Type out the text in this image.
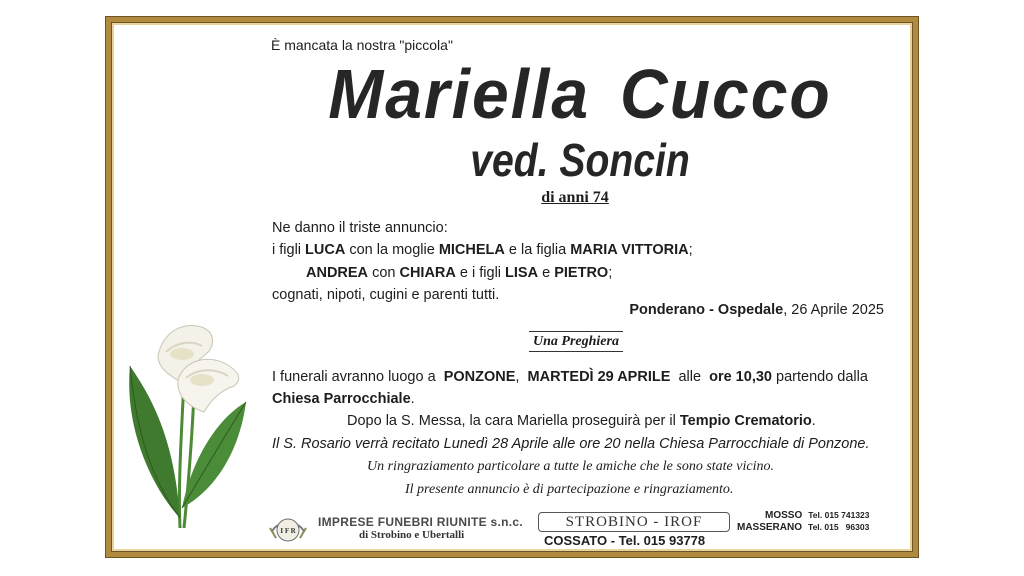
È mancata la nostra "piccola"
Mariella Cucco
ved. Soncin
di anni 74
Ne danno il triste annuncio:
i figli LUCA con la moglie MICHELA e la figlia MARIA VITTORIA;
ANDREA con CHIARA e i figli LISA e PIETRO;
cognati, nipoti, cugini e parenti tutti.
Ponderano - Ospedale, 26 Aprile 2025
Una Preghiera
I funerali avranno luogo a PONZONE, MARTEDÌ 29 APRILE alle ore 10,30 partendo dalla
Chiesa Parrocchiale.
Dopo la S. Messa, la cara Mariella proseguirà per il Tempio Crematorio.
Il S. Rosario verrà recitato Lunedì 28 Aprile alle ore 20 nella Chiesa Parrocchiale di Ponzone.
Un ringraziamento particolare a tutte le amiche che le sono state vicino.
Il presente annuncio è di partecipazione e ringraziamento.
I F R
IMPRESE FUNEBRI RIUNITE s.n.c.
di Strobino e Ubertalli
STROBINO - IROF
COSSATO - Tel. 015 93778
MOSSO Tel. 015 741323
MASSERANO Tel. 015   96303
